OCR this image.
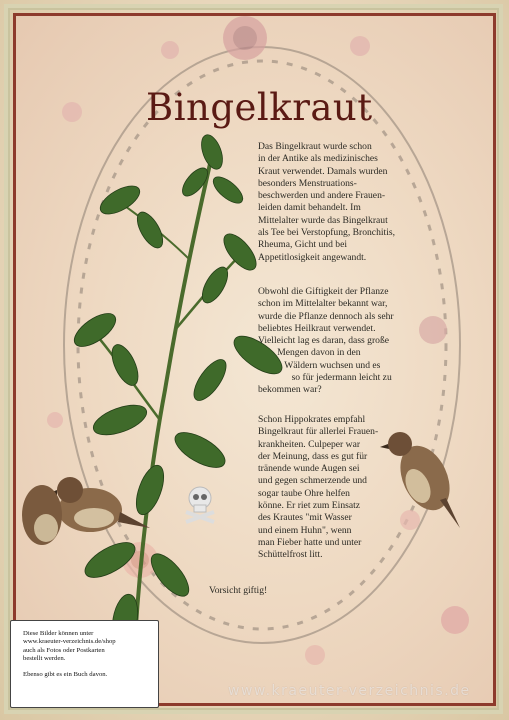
Bingelkraut
Das Bingelkraut wurde schon
in der Antike als medizinisches
Kraut verwendet. Damals wurden
besonders Menstruations-
beschwerden und andere Frauen-
leiden damit behandelt. Im
Mittelalter wurde das Bingelkraut
als Tee bei Verstopfung, Bronchitis,
Rheuma, Gicht und bei
Appetitlosigkeit angewandt.
Obwohl die Giftigkeit der Pflanze
schon im Mittelalter bekannt war,
wurde die Pflanze dennoch als sehr
beliebtes Heilkraut verwendet.
Vielleicht lag es daran, dass große
Mengen davon in den
Wäldern wuchsen und es
so für jedermann leicht zu
bekommen war?
Schon Hippokrates empfahl
Bingelkraut für allerlei Frauen-
krankheiten. Culpeper war
der Meinung, dass es gut für
tränende wunde Augen sei
und gegen schmerzende und
sogar taube Ohre helfen
könne. Er riet zum Einsatz
des Krautes "mit Wasser
und einem Huhn", wenn
man Fieber hatte und unter
Schüttelfrost litt.
Vorsicht giftig!
Diese Bilder können unter
www.kraeuter-verzeichnis.de/shop
auch als Fotos oder Postkarten
bestellt werden.
Ebenso gibt es ein Buch davon.
www.kraeuter-verzeichnis.de
